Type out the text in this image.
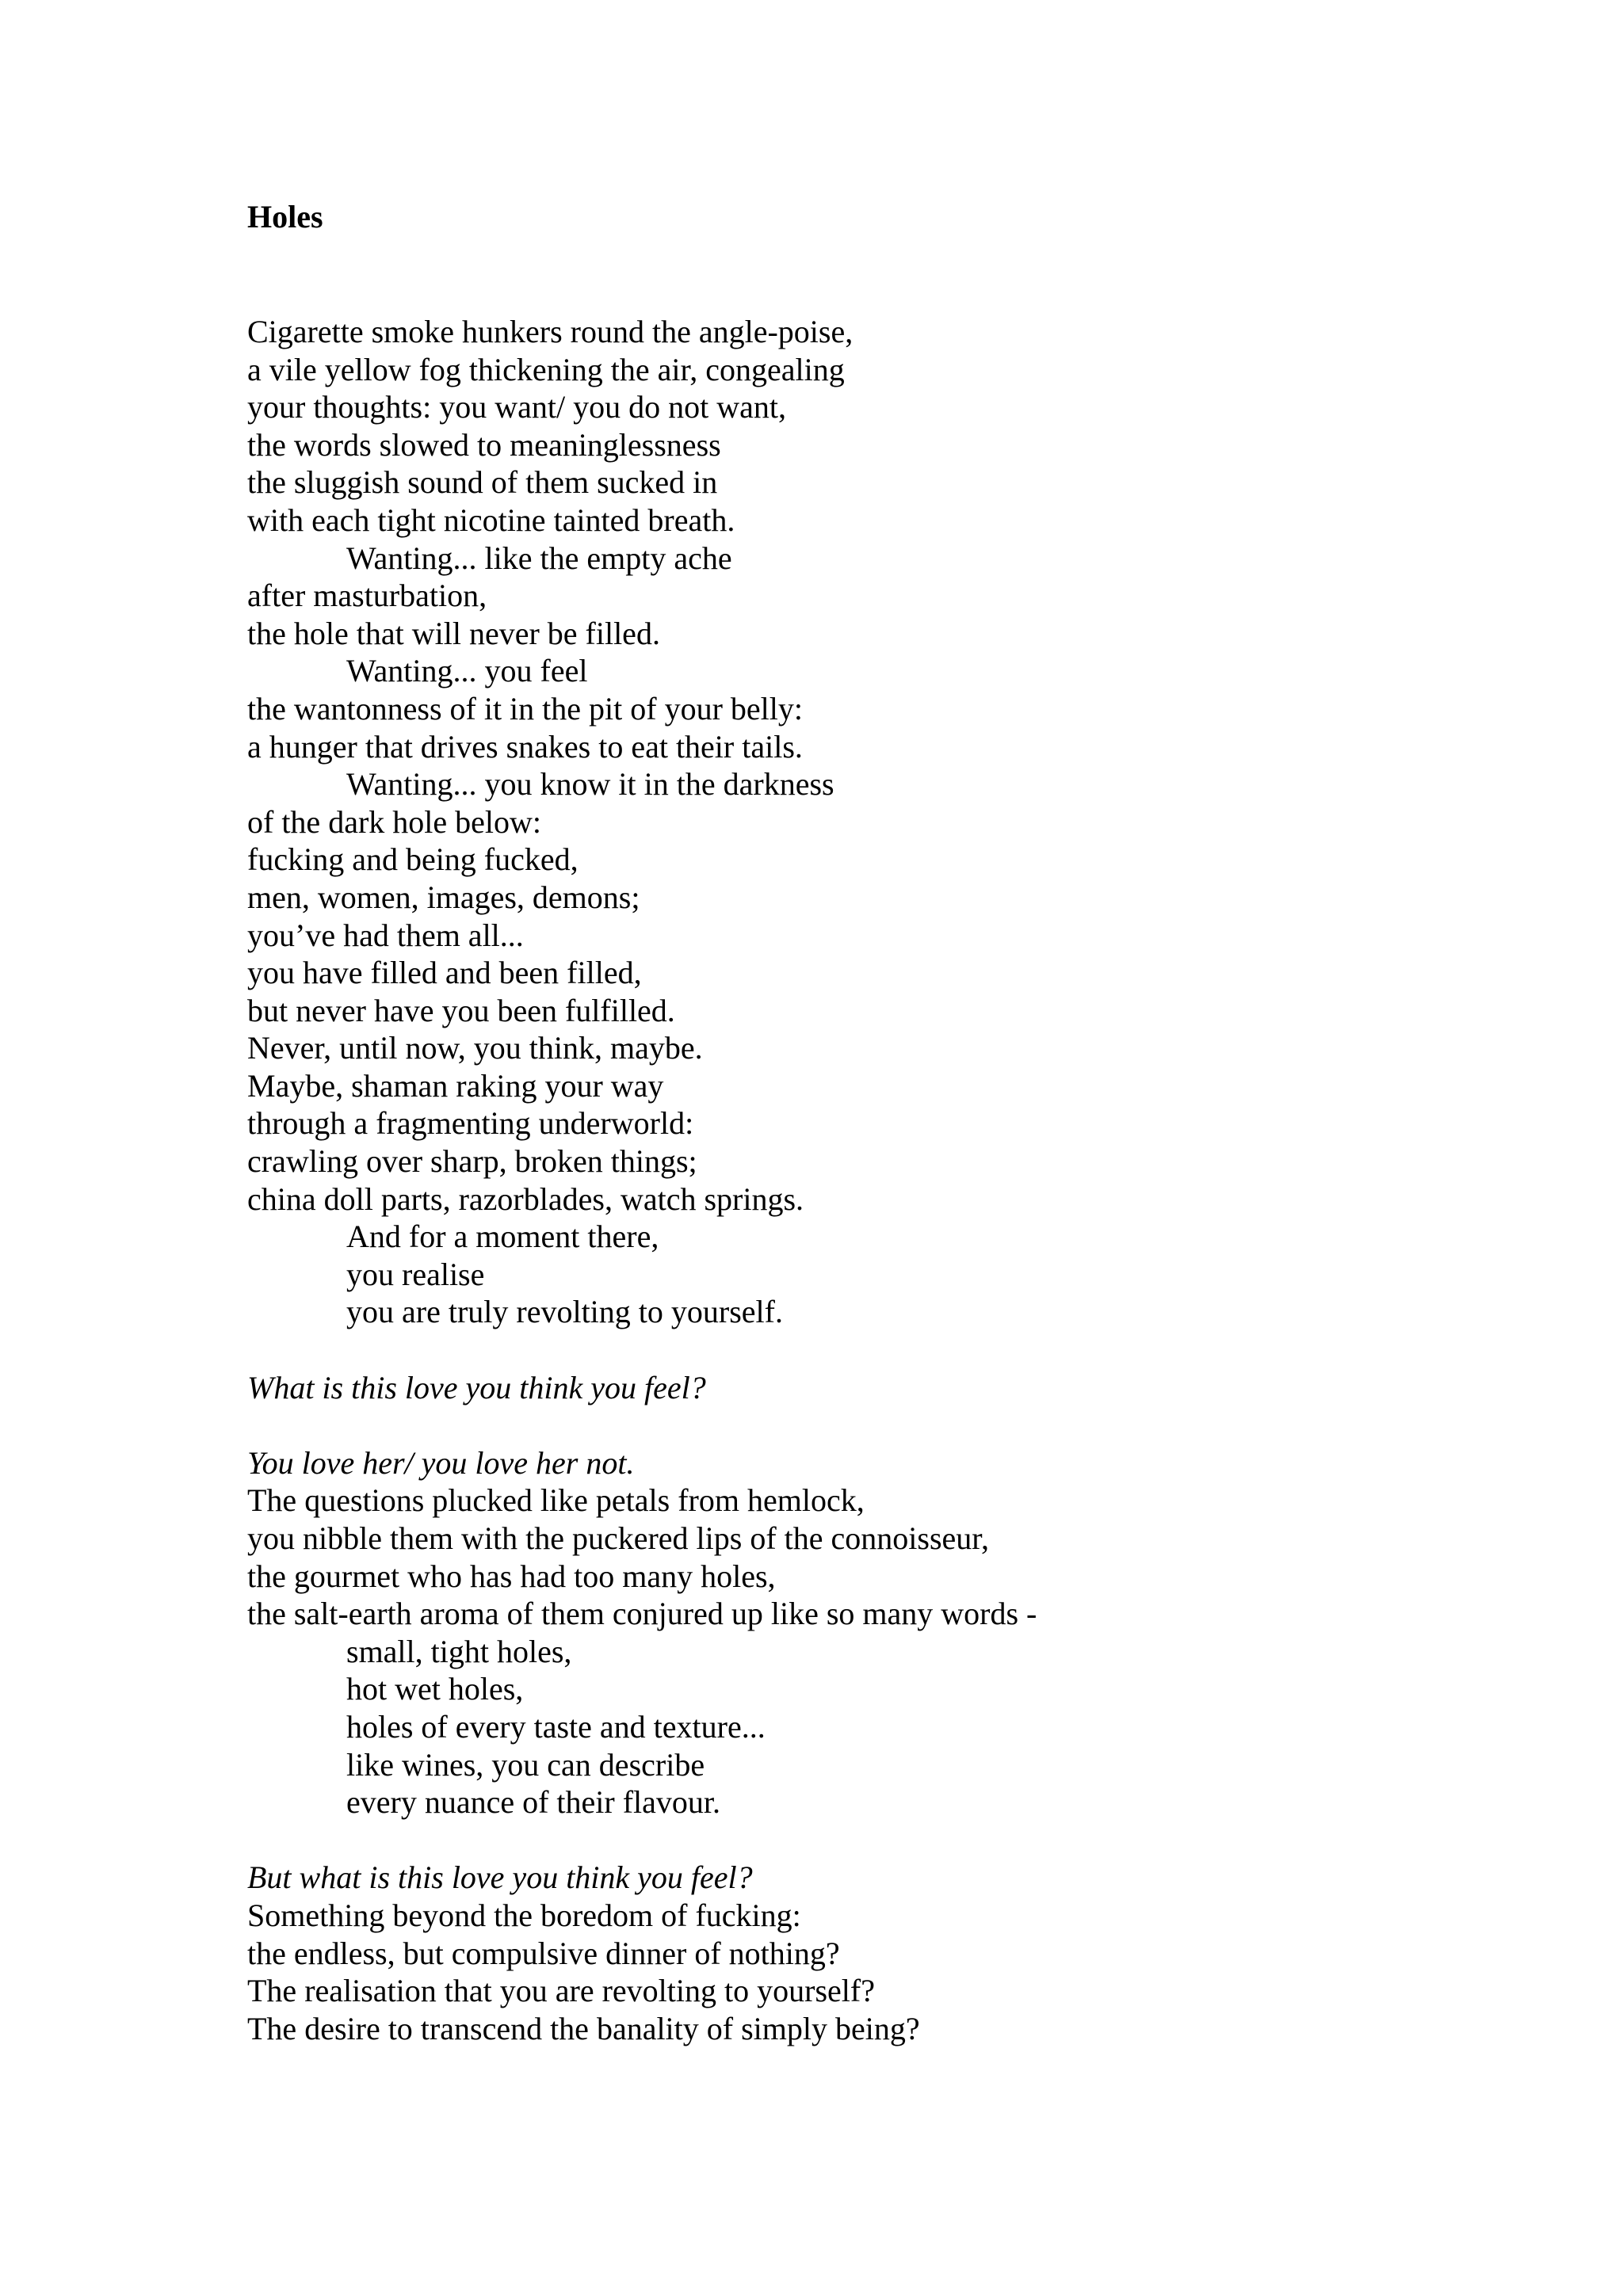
Holes
Cigarette smoke hunkers round the angle-poise,
a vile yellow fog thickening the air, congealing
your thoughts: you want/ you do not want,
the words slowed to meaninglessness
the sluggish sound of them sucked in
with each tight nicotine tainted breath.
Wanting... like the empty ache
after masturbation,
the hole that will never be filled.
Wanting... you feel
the wantonness of it in the pit of your belly:
a hunger that drives snakes to eat their tails.
Wanting... you know it in the darkness
of the dark hole below:
fucking and being fucked,
men, women, images, demons;
you’ve had them all...
you have filled and been filled,
but never have you been fulfilled.
Never, until now, you think, maybe.
Maybe, shaman raking your way
through a fragmenting underworld:
crawling over sharp, broken things;
china doll parts, razorblades, watch springs.
And for a moment there,
you realise
you are truly revolting to yourself.
What is this love you think you feel?
You love her/ you love her not.
The questions plucked like petals from hemlock,
you nibble them with the puckered lips of the connoisseur,
the gourmet who has had too many holes,
the salt-earth aroma of them conjured up like so many words -
small, tight holes,
hot wet holes,
holes of every taste and texture...
like wines, you can describe
every nuance of their flavour.
But what is this love you think you feel?
Something beyond the boredom of fucking:
the endless, but compulsive dinner of nothing?
The realisation that you are revolting to yourself?
The desire to transcend the banality of simply being?
